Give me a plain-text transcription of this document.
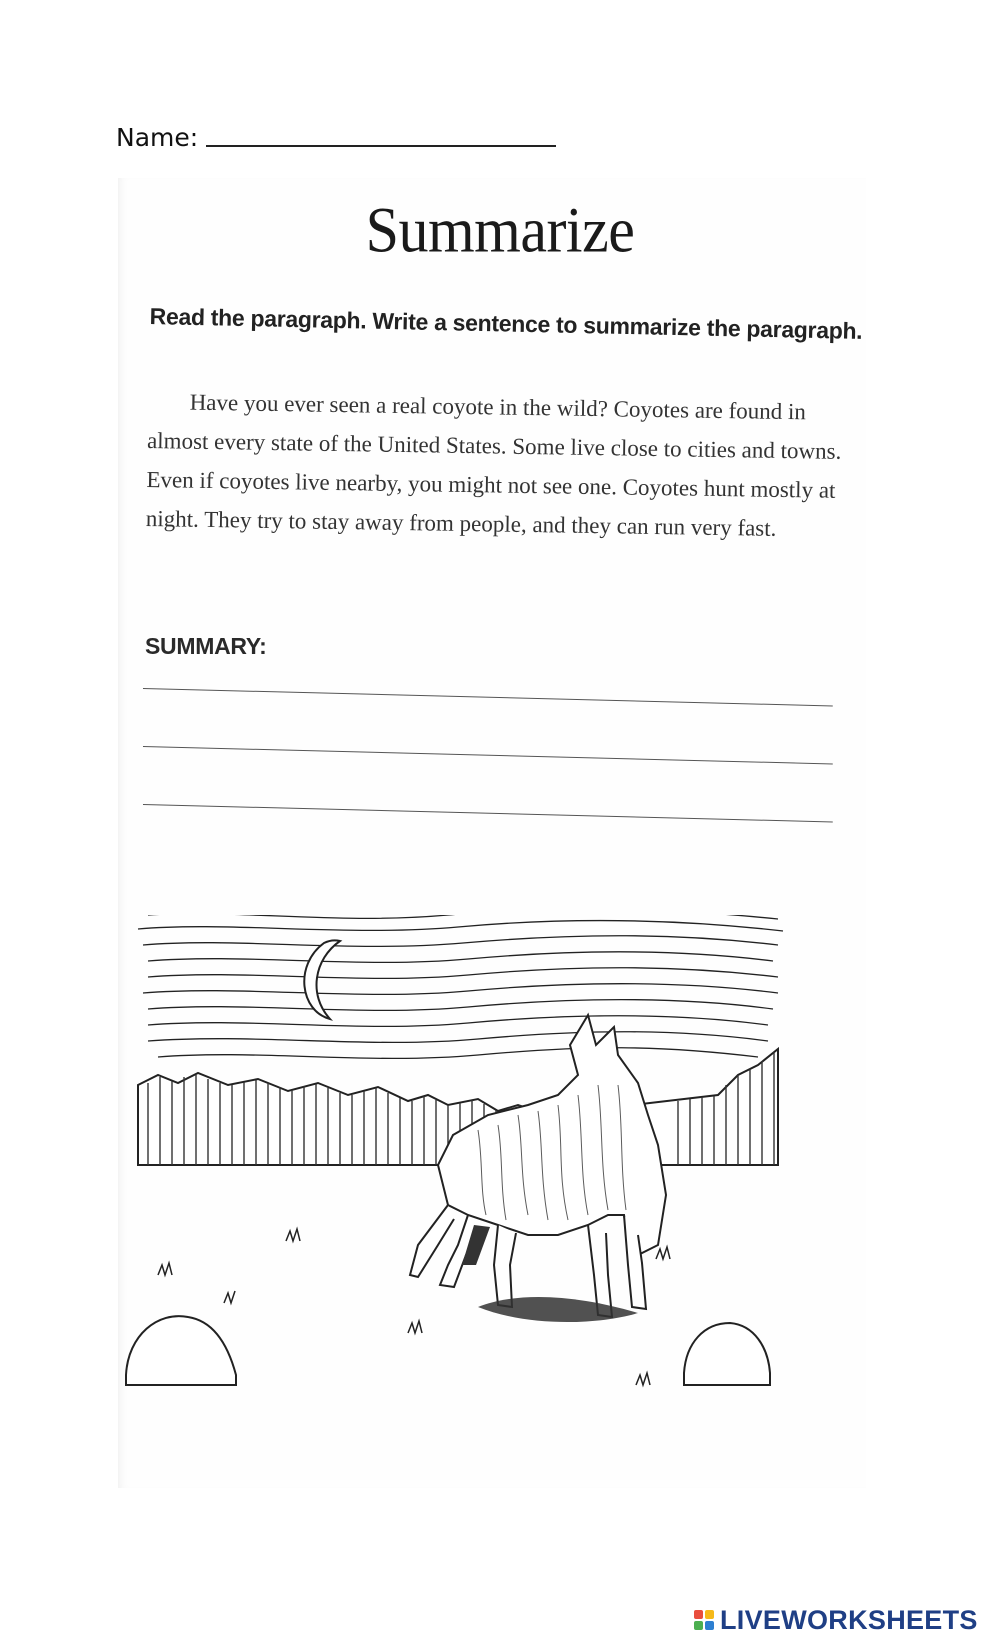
Name:
Summarize
Read the paragraph. Write a sentence to summarize the paragraph.
Have you ever seen a real coyote in the wild? Coyotes are found in almost every state of the United States. Some live close to cities and towns. Even if coyotes live nearby, you might not see one. Coyotes hunt mostly at night. They try to stay away from people, and they can run very fast.
SUMMARY:
LIVEWORKSHEETS
